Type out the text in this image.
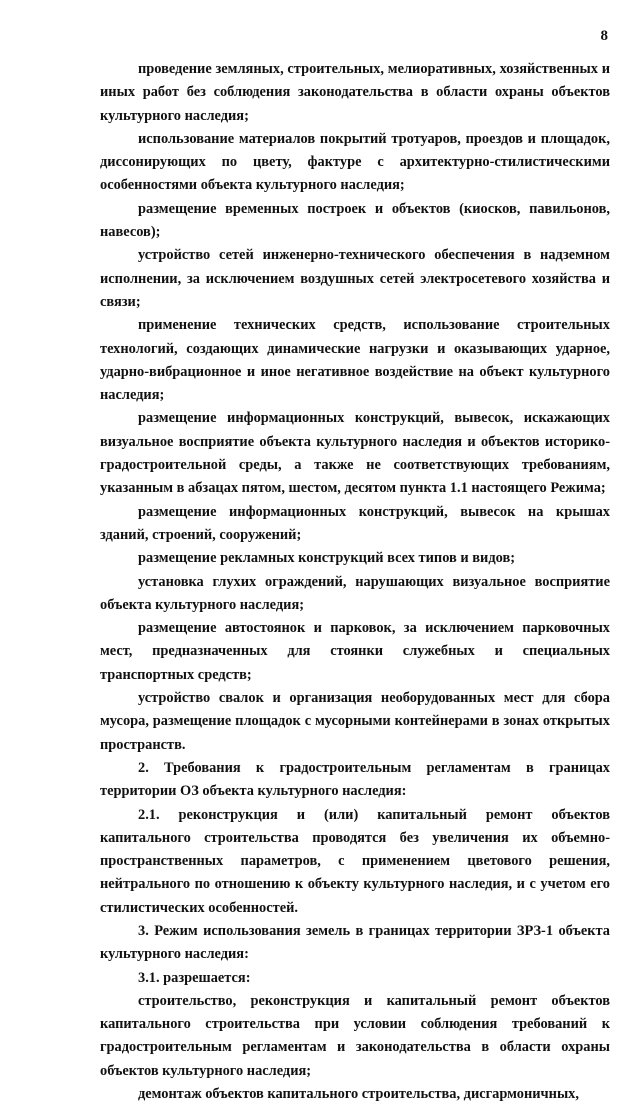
8

проведение земляных, строительных, мелиоративных, хозяйственных и иных работ без соблюдения законодательства в области охраны объектов культурного наследия;

использование материалов покрытий тротуаров, проездов и площадок, диссонирующих по цвету, фактуре с архитектурно-стилистическими особенностями объекта культурного наследия;

размещение временных построек и объектов (киосков, павильонов, навесов);

устройство сетей инженерно-технического обеспечения в надземном исполнении, за исключением воздушных сетей электросетевого хозяйства и связи;

применение технических средств, использование строительных технологий, создающих динамические нагрузки и оказывающих ударное, ударно-вибрационное и иное негативное воздействие на объект культурного наследия;

размещение информационных конструкций, вывесок, искажающих визуальное восприятие объекта культурного наследия и объектов историко-градостроительной среды, а также не соответствующих требованиям, указанным в абзацах пятом, шестом, десятом пункта 1.1 настоящего Режима;

размещение информационных конструкций, вывесок на крышах зданий, строений, сооружений;

размещение рекламных конструкций всех типов и видов;

установка глухих ограждений, нарушающих визуальное восприятие объекта культурного наследия;

размещение автостоянок и парковок, за исключением парковочных мест, предназначенных для стоянки служебных и специальных транспортных средств;

устройство свалок и организация необорудованных мест для сбора мусора, размещение площадок с мусорными контейнерами в зонах открытых пространств.

2. Требования к градостроительным регламентам в границах территории ОЗ объекта культурного наследия:

2.1. реконструкция и (или) капитальный ремонт объектов капитального строительства проводятся без увеличения их объемно-пространственных параметров, с применением цветового решения, нейтрального по отношению к объекту культурного наследия, и с учетом его стилистических особенностей.

3. Режим использования земель в границах территории ЗРЗ-1 объекта культурного наследия:

3.1. разрешается:

строительство, реконструкция и капитальный ремонт объектов капитального строительства при условии соблюдения требований к градостроительным регламентам и законодательства в области охраны объектов культурного наследия;

демонтаж объектов капитального строительства, дисгармоничных,
